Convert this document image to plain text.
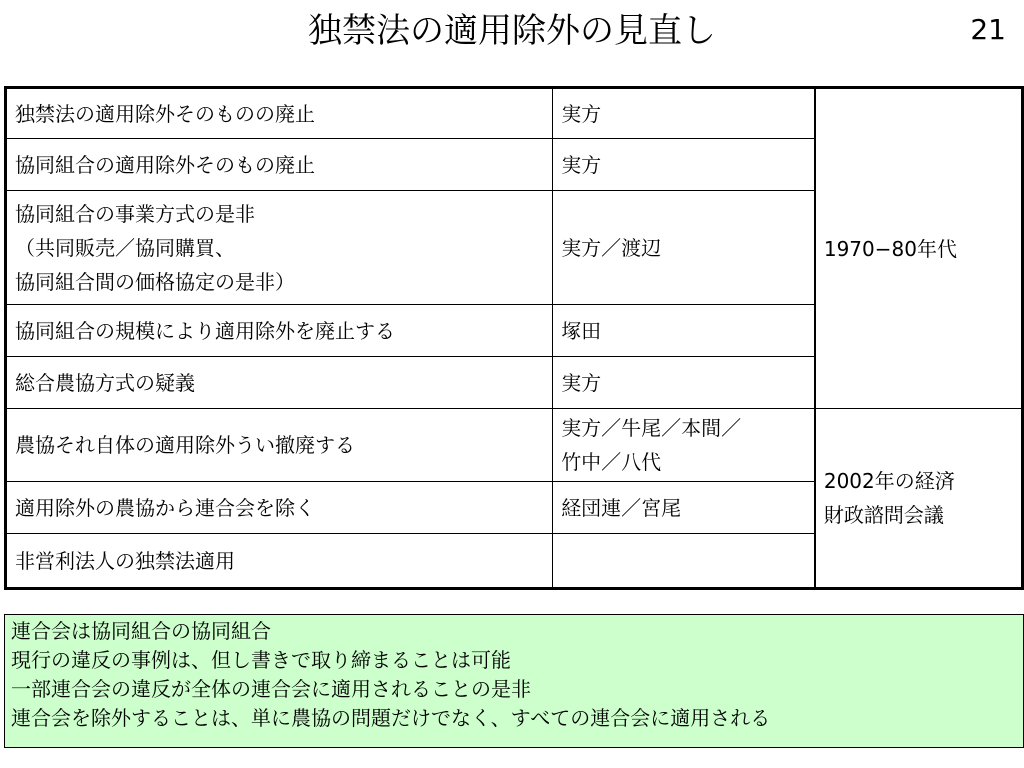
独禁法の適用除外の見直し	21
独禁法の適用除外そのものの廃止	実方	1970−80年代
協同組合の適用除外そのもの廃止	実方	

協同組合の事業方式の是非
（共同販売／協同購買、
協同組合間の価格協定の是非）	実方／渡辺	
協同組合の規模により適用除外を廃止する	塚田	
総合農協方式の疑義	実方	
農協それ自体の適用除外うい撤廃する	実方／牛尾／本間／
竹中／八代	2002年の経済
財政諮問会議

適用除外の農協から連合会を除く	経団連／宮尾	
非営利法人の独禁法適用		
連合会は協同組合の協同組合
現行の違反の事例は、但し書きで取り締まることは可能
一部連合会の違反が全体の連合会に適用されることの是非
連合会を除外することは、単に農協の問題だけでなく、すべての連合会に適用される
